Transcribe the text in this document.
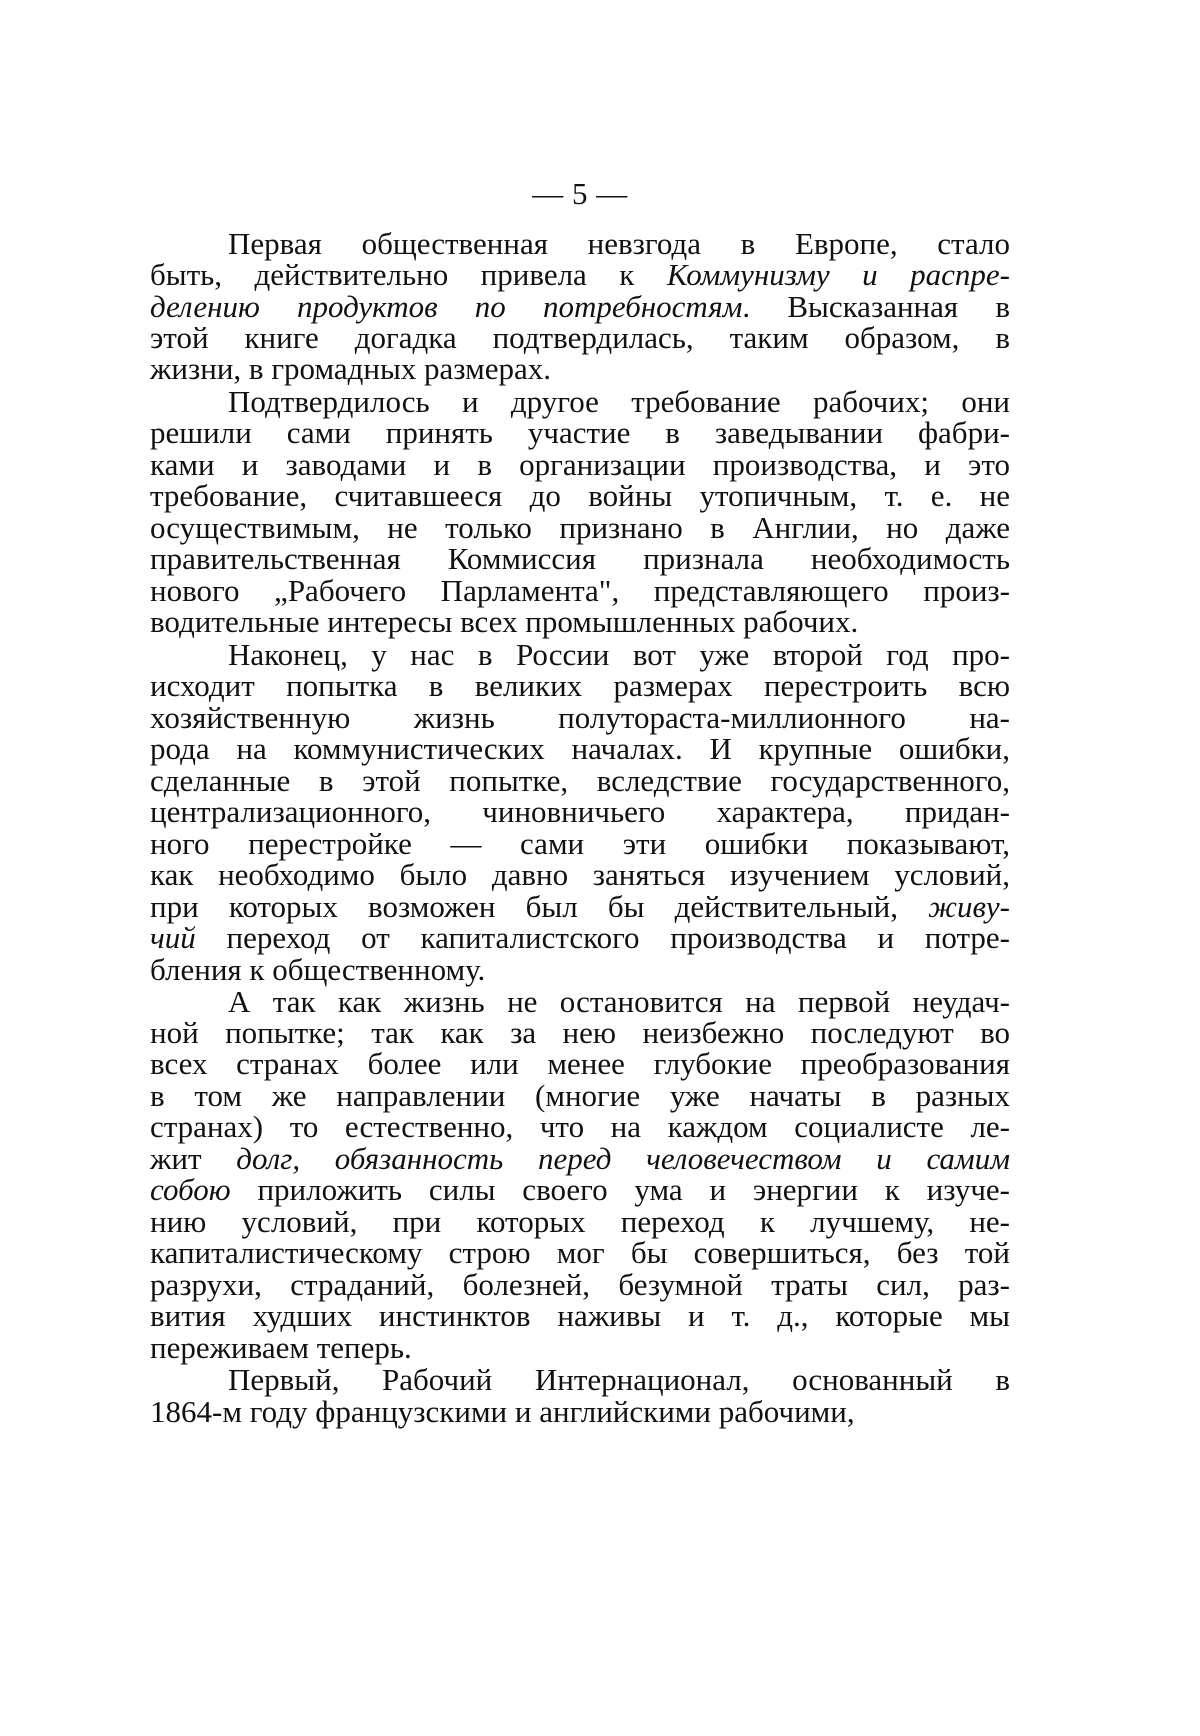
— 5 —
Первая общественная невзгода в Европе, стало
быть, действительно привела к Коммунизму и распре-
делению продуктов по потребностям. Высказанная в
этой книге догадка подтвердилась, таким образом, в
жизни, в громадных размерах.
Подтвердилось и другое требование рабочих; они
решили сами принять участие в заведывании фабри-
ками и заводами и в организации производства, и это
требование, считавшееся до войны утопичным, т. е. не
осуществимым, не только признано в Англии, но даже
правительственная Коммиссия признала необходимость
нового „Рабочего Парламента", представляющего произ-
водительные интересы всех промышленных рабочих.
Наконец, у нас в России вот уже второй год про-
исходит попытка в великих размерах перестроить всю
хозяйственную жизнь полутораста-миллионного на-
рода на коммунистических началах. И крупные ошибки,
сделанные в этой попытке, вследствие государственного,
централизационного, чиновничьего характера, придан-
ного перестройке — сами эти ошибки показывают,
как необходимо было давно заняться изучением условий,
при которых возможен был бы действительный, живу-
чий переход от капиталистского производства и потре-
бления к общественному.
А так как жизнь не остановится на первой неудач-
ной попытке; так как за нею неизбежно последуют во
всех странах более или менее глубокие преобразования
в том же направлении (многие уже начаты в разных
странах) то естественно, что на каждом социалисте ле-
жит долг, обязанность перед человечеством и самим
собою приложить силы своего ума и энергии к изуче-
нию условий, при которых переход к лучшему, не-
капиталистическому строю мог бы совершиться, без той
разрухи, страданий, болезней, безумной траты сил, раз-
вития худших инстинктов наживы и т. д., которые мы
переживаем теперь.
Первый, Рабочий Интернационал, основанный в
1864-м году французскими и английскими рабочими,
